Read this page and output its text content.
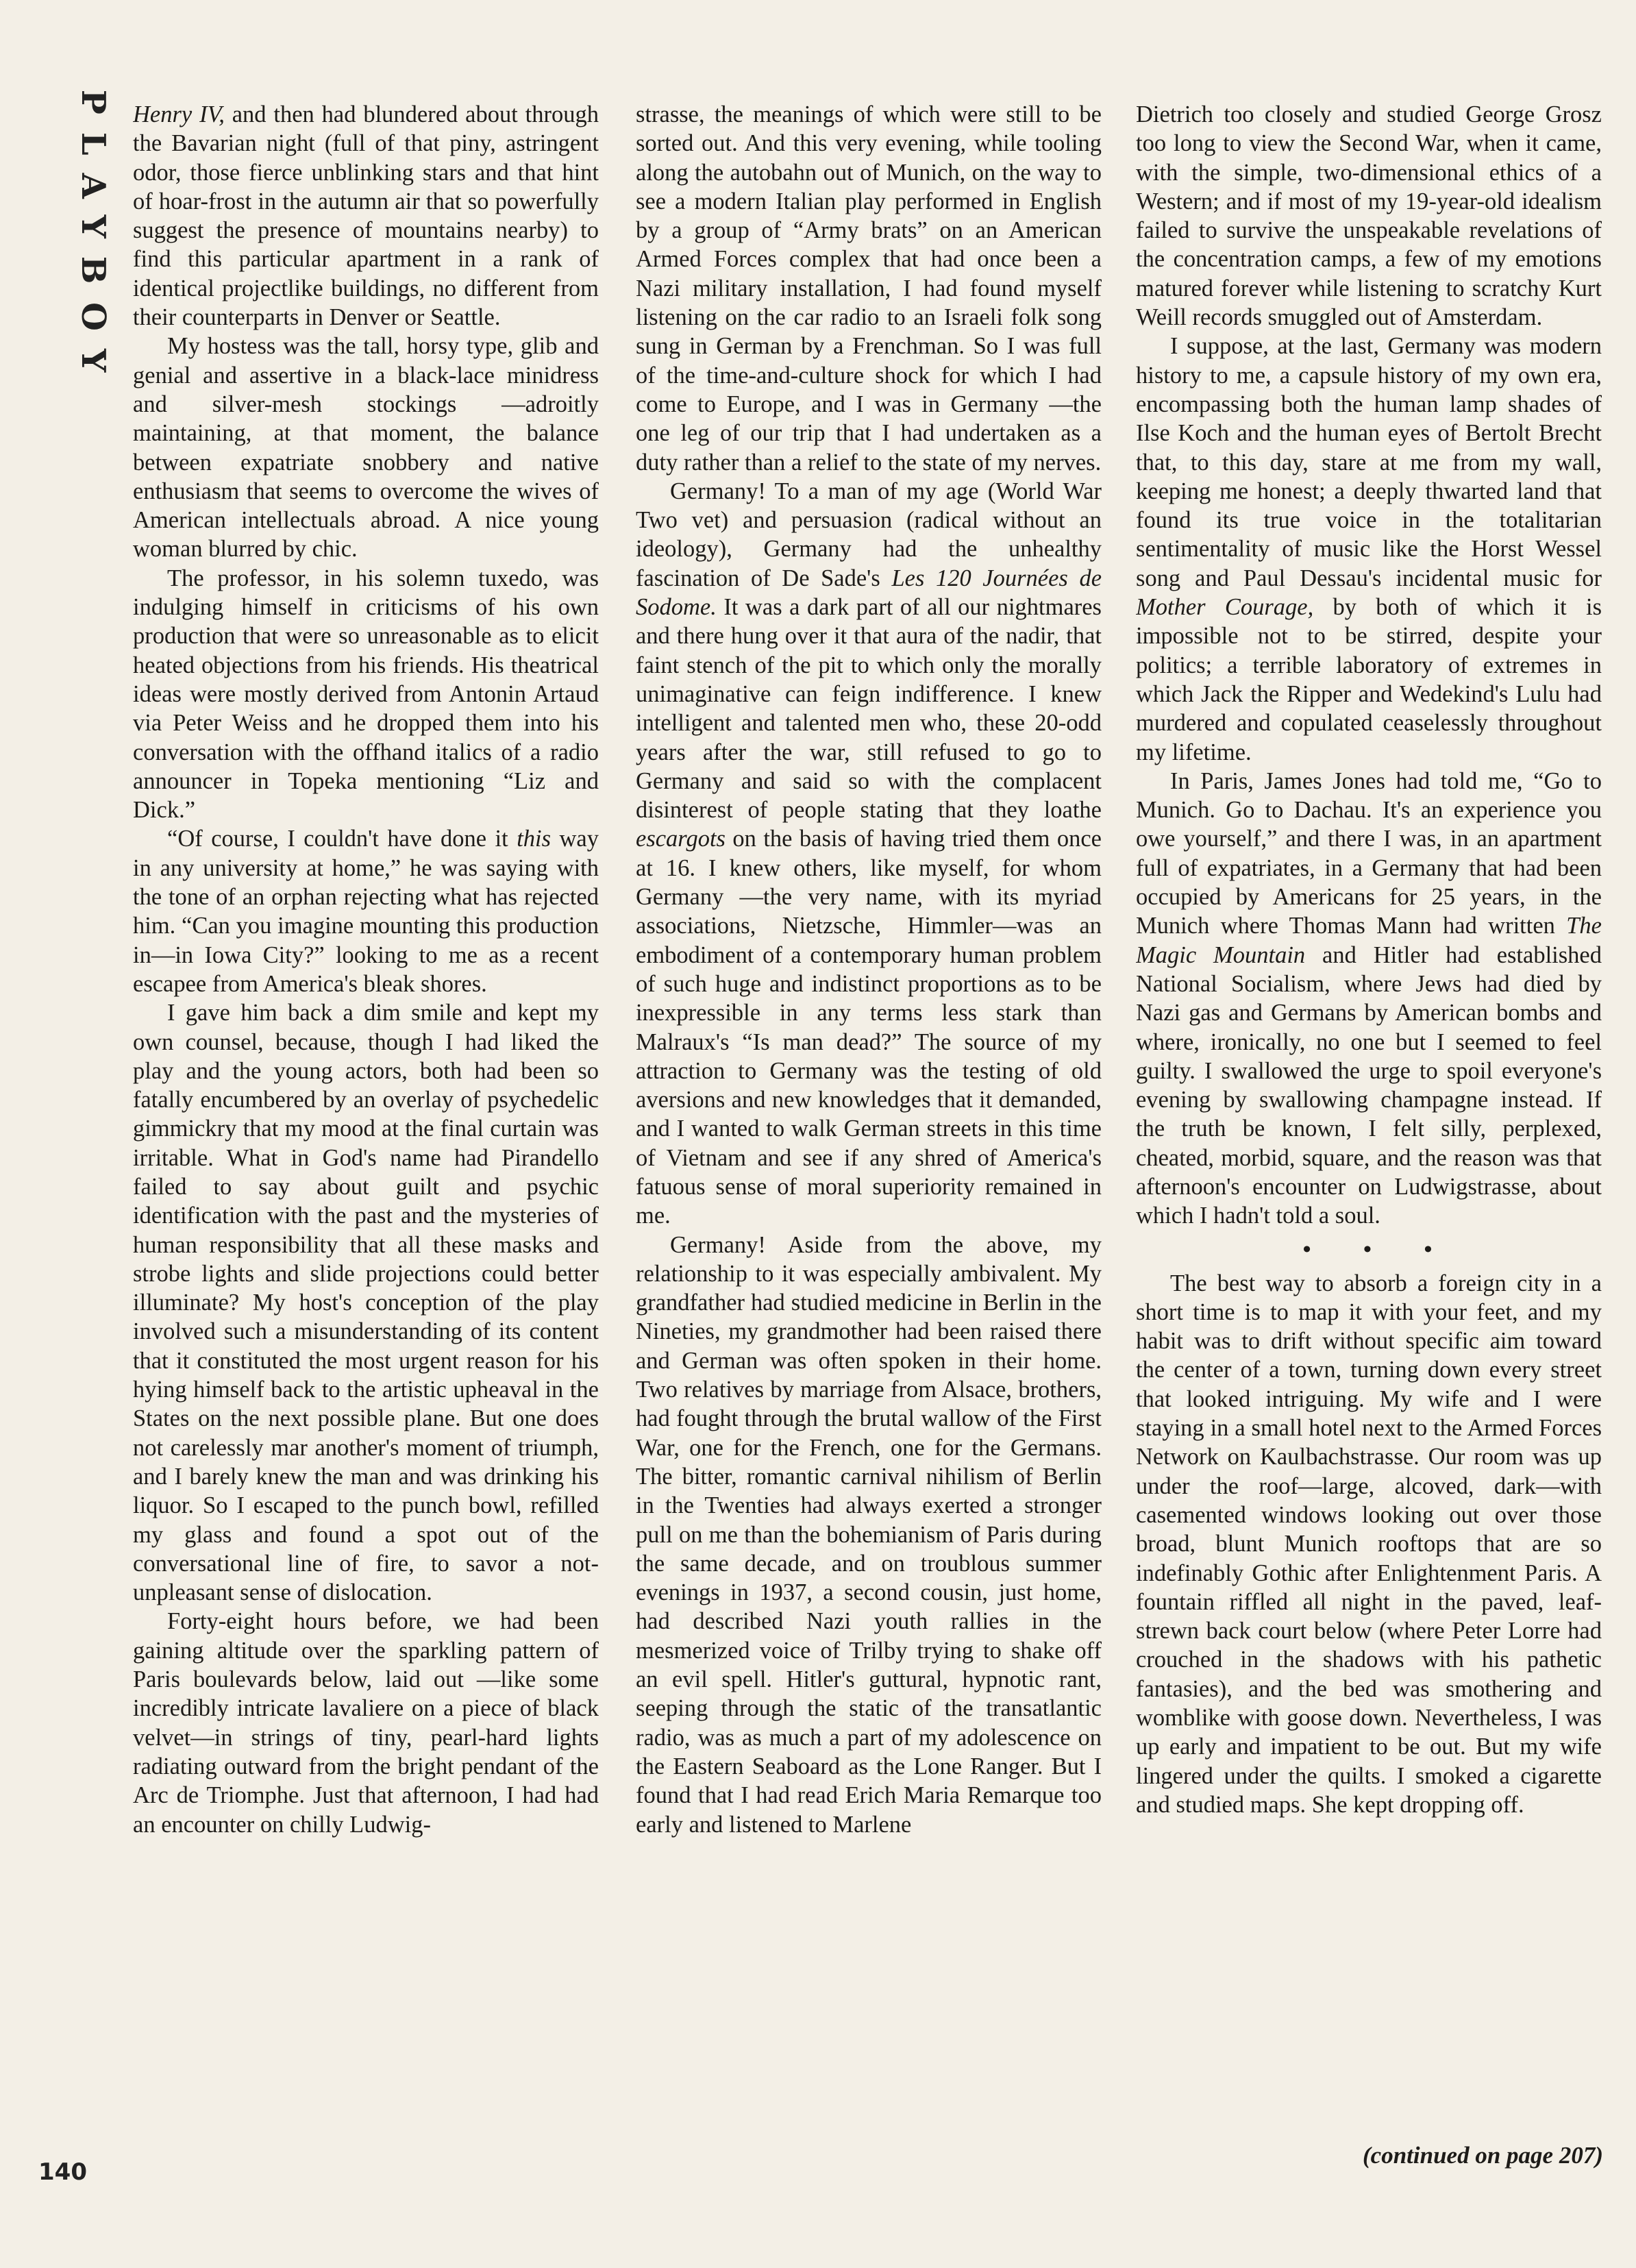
PLAYBOY Henry IV, and then had blundered about through the Bavarian night (full of that piny, astringent odor, those fierce unblinking stars and that hint of hoar-frost in the autumn air that so powerfully suggest the presence of mountains nearby) to find this particular apartment in a rank of identical projectlike buildings, no different from their counterparts in Denver or Seattle.

My hostess was the tall, horsy type, glib and genial and assertive in a black-lace minidress and silver-mesh stockings —adroitly maintaining, at that moment, the balance between expatriate snobbery and native enthusiasm that seems to overcome the wives of American intellectuals abroad. A nice young woman blurred by chic.

The professor, in his solemn tuxedo, was indulging himself in criticisms of his own production that were so unreasonable as to elicit heated objections from his friends. His theatrical ideas were mostly derived from Antonin Artaud via Peter Weiss and he dropped them into his conversation with the offhand italics of a radio announcer in Topeka mentioning “Liz and Dick.”

“Of course, I couldn't have done it this way in any university at home,” he was saying with the tone of an orphan rejecting what has rejected him. “Can you imagine mounting this production in—in Iowa City?” looking to me as a recent escapee from America's bleak shores.

I gave him back a dim smile and kept my own counsel, because, though I had liked the play and the young actors, both had been so fatally encumbered by an overlay of psychedelic gimmickry that my mood at the final curtain was irritable. What in God's name had Pirandello failed to say about guilt and psychic identification with the past and the mysteries of human responsibility that all these masks and strobe lights and slide projections could better illuminate? My host's conception of the play involved such a misunderstanding of its content that it constituted the most urgent reason for his hying himself back to the artistic upheaval in the States on the next possible plane. But one does not carelessly mar another's moment of triumph, and I barely knew the man and was drinking his liquor. So I escaped to the punch bowl, refilled my glass and found a spot out of the conversational line of fire, to savor a not-unpleasant sense of dislocation.

Forty-eight hours before, we had been gaining altitude over the sparkling pattern of Paris boulevards below, laid out —like some incredibly intricate lavaliere on a piece of black velvet—in strings of tiny, pearl-hard lights radiating outward from the bright pendant of the Arc de Triomphe. Just that afternoon, I had had an encounter on chilly Ludwig-

strasse, the meanings of which were still to be sorted out. And this very evening, while tooling along the autobahn out of Munich, on the way to see a modern Italian play performed in English by a group of “Army brats” on an American Armed Forces complex that had once been a Nazi military installation, I had found myself listening on the car radio to an Israeli folk song sung in German by a Frenchman. So I was full of the time-and-culture shock for which I had come to Europe, and I was in Germany —the one leg of our trip that I had undertaken as a duty rather than a relief to the state of my nerves.

Germany! To a man of my age (World War Two vet) and persuasion (radical without an ideology), Germany had the unhealthy fascination of De Sade's Les 120 Journées de Sodome. It was a dark part of all our nightmares and there hung over it that aura of the nadir, that faint stench of the pit to which only the morally unimaginative can feign indifference. I knew intelligent and talented men who, these 20-odd years after the war, still refused to go to Germany and said so with the complacent disinterest of people stating that they loathe escargots on the basis of having tried them once at 16. I knew others, like myself, for whom Germany —the very name, with its myriad associations, Nietzsche, Himmler—was an embodiment of a contemporary human problem of such huge and indistinct proportions as to be inexpressible in any terms less stark than Malraux's “Is man dead?” The source of my attraction to Germany was the testing of old aversions and new knowledges that it demanded, and I wanted to walk German streets in this time of Vietnam and see if any shred of America's fatuous sense of moral superiority remained in me.

Germany! Aside from the above, my relationship to it was especially ambivalent. My grandfather had studied medicine in Berlin in the Nineties, my grandmother had been raised there and German was often spoken in their home. Two relatives by marriage from Alsace, brothers, had fought through the brutal wallow of the First War, one for the French, one for the Germans. The bitter, romantic carnival nihilism of Berlin in the Twenties had always exerted a stronger pull on me than the bohemianism of Paris during the same decade, and on troublous summer evenings in 1937, a second cousin, just home, had described Nazi youth rallies in the mesmerized voice of Trilby trying to shake off an evil spell. Hitler's guttural, hypnotic rant, seeping through the static of the transatlantic radio, was as much a part of my adolescence on the Eastern Seaboard as the Lone Ranger. But I found that I had read Erich Maria Remarque too early and listened to Marlene

Dietrich too closely and studied George Grosz too long to view the Second War, when it came, with the simple, two-dimensional ethics of a Western; and if most of my 19-year-old idealism failed to survive the unspeakable revelations of the concentration camps, a few of my emotions matured forever while listening to scratchy Kurt Weill records smuggled out of Amsterdam.

I suppose, at the last, Germany was modern history to me, a capsule history of my own era, encompassing both the human lamp shades of Ilse Koch and the human eyes of Bertolt Brecht that, to this day, stare at me from my wall, keeping me honest; a deeply thwarted land that found its true voice in the totalitarian sentimentality of music like the Horst Wessel song and Paul Dessau's incidental music for Mother Courage, by both of which it is impossible not to be stirred, despite your politics; a terrible laboratory of extremes in which Jack the Ripper and Wedekind's Lulu had murdered and copulated ceaselessly throughout my lifetime.

In Paris, James Jones had told me, “Go to Munich. Go to Dachau. It's an experience you owe yourself,” and there I was, in an apartment full of expatriates, in a Germany that had been occupied by Americans for 25 years, in the Munich where Thomas Mann had written The Magic Mountain and Hitler had established National Socialism, where Jews had died by Nazi gas and Germans by American bombs and where, ironically, no one but I seemed to feel guilty. I swallowed the urge to spoil everyone's evening by swallowing champagne instead. If the truth be known, I felt silly, perplexed, cheated, morbid, square, and the reason was that afternoon's encounter on Ludwigstrasse, about which I hadn't told a soul.

• • •

The best way to absorb a foreign city in a short time is to map it with your feet, and my habit was to drift without specific aim toward the center of a town, turning down every street that looked intriguing. My wife and I were staying in a small hotel next to the Armed Forces Network on Kaulbachstrasse. Our room was up under the roof—large, alcoved, dark—with casemented windows looking out over those broad, blunt Munich rooftops that are so indefinably Gothic after Enlightenment Paris. A fountain riffled all night in the paved, leaf-strewn back court below (where Peter Lorre had crouched in the shadows with his pathetic fantasies), and the bed was smothering and womblike with goose down. Nevertheless, I was up early and impatient to be out. But my wife lingered under the quilts. I smoked a cigarette and studied maps. She kept dropping off.

140
(continued on page 207)
